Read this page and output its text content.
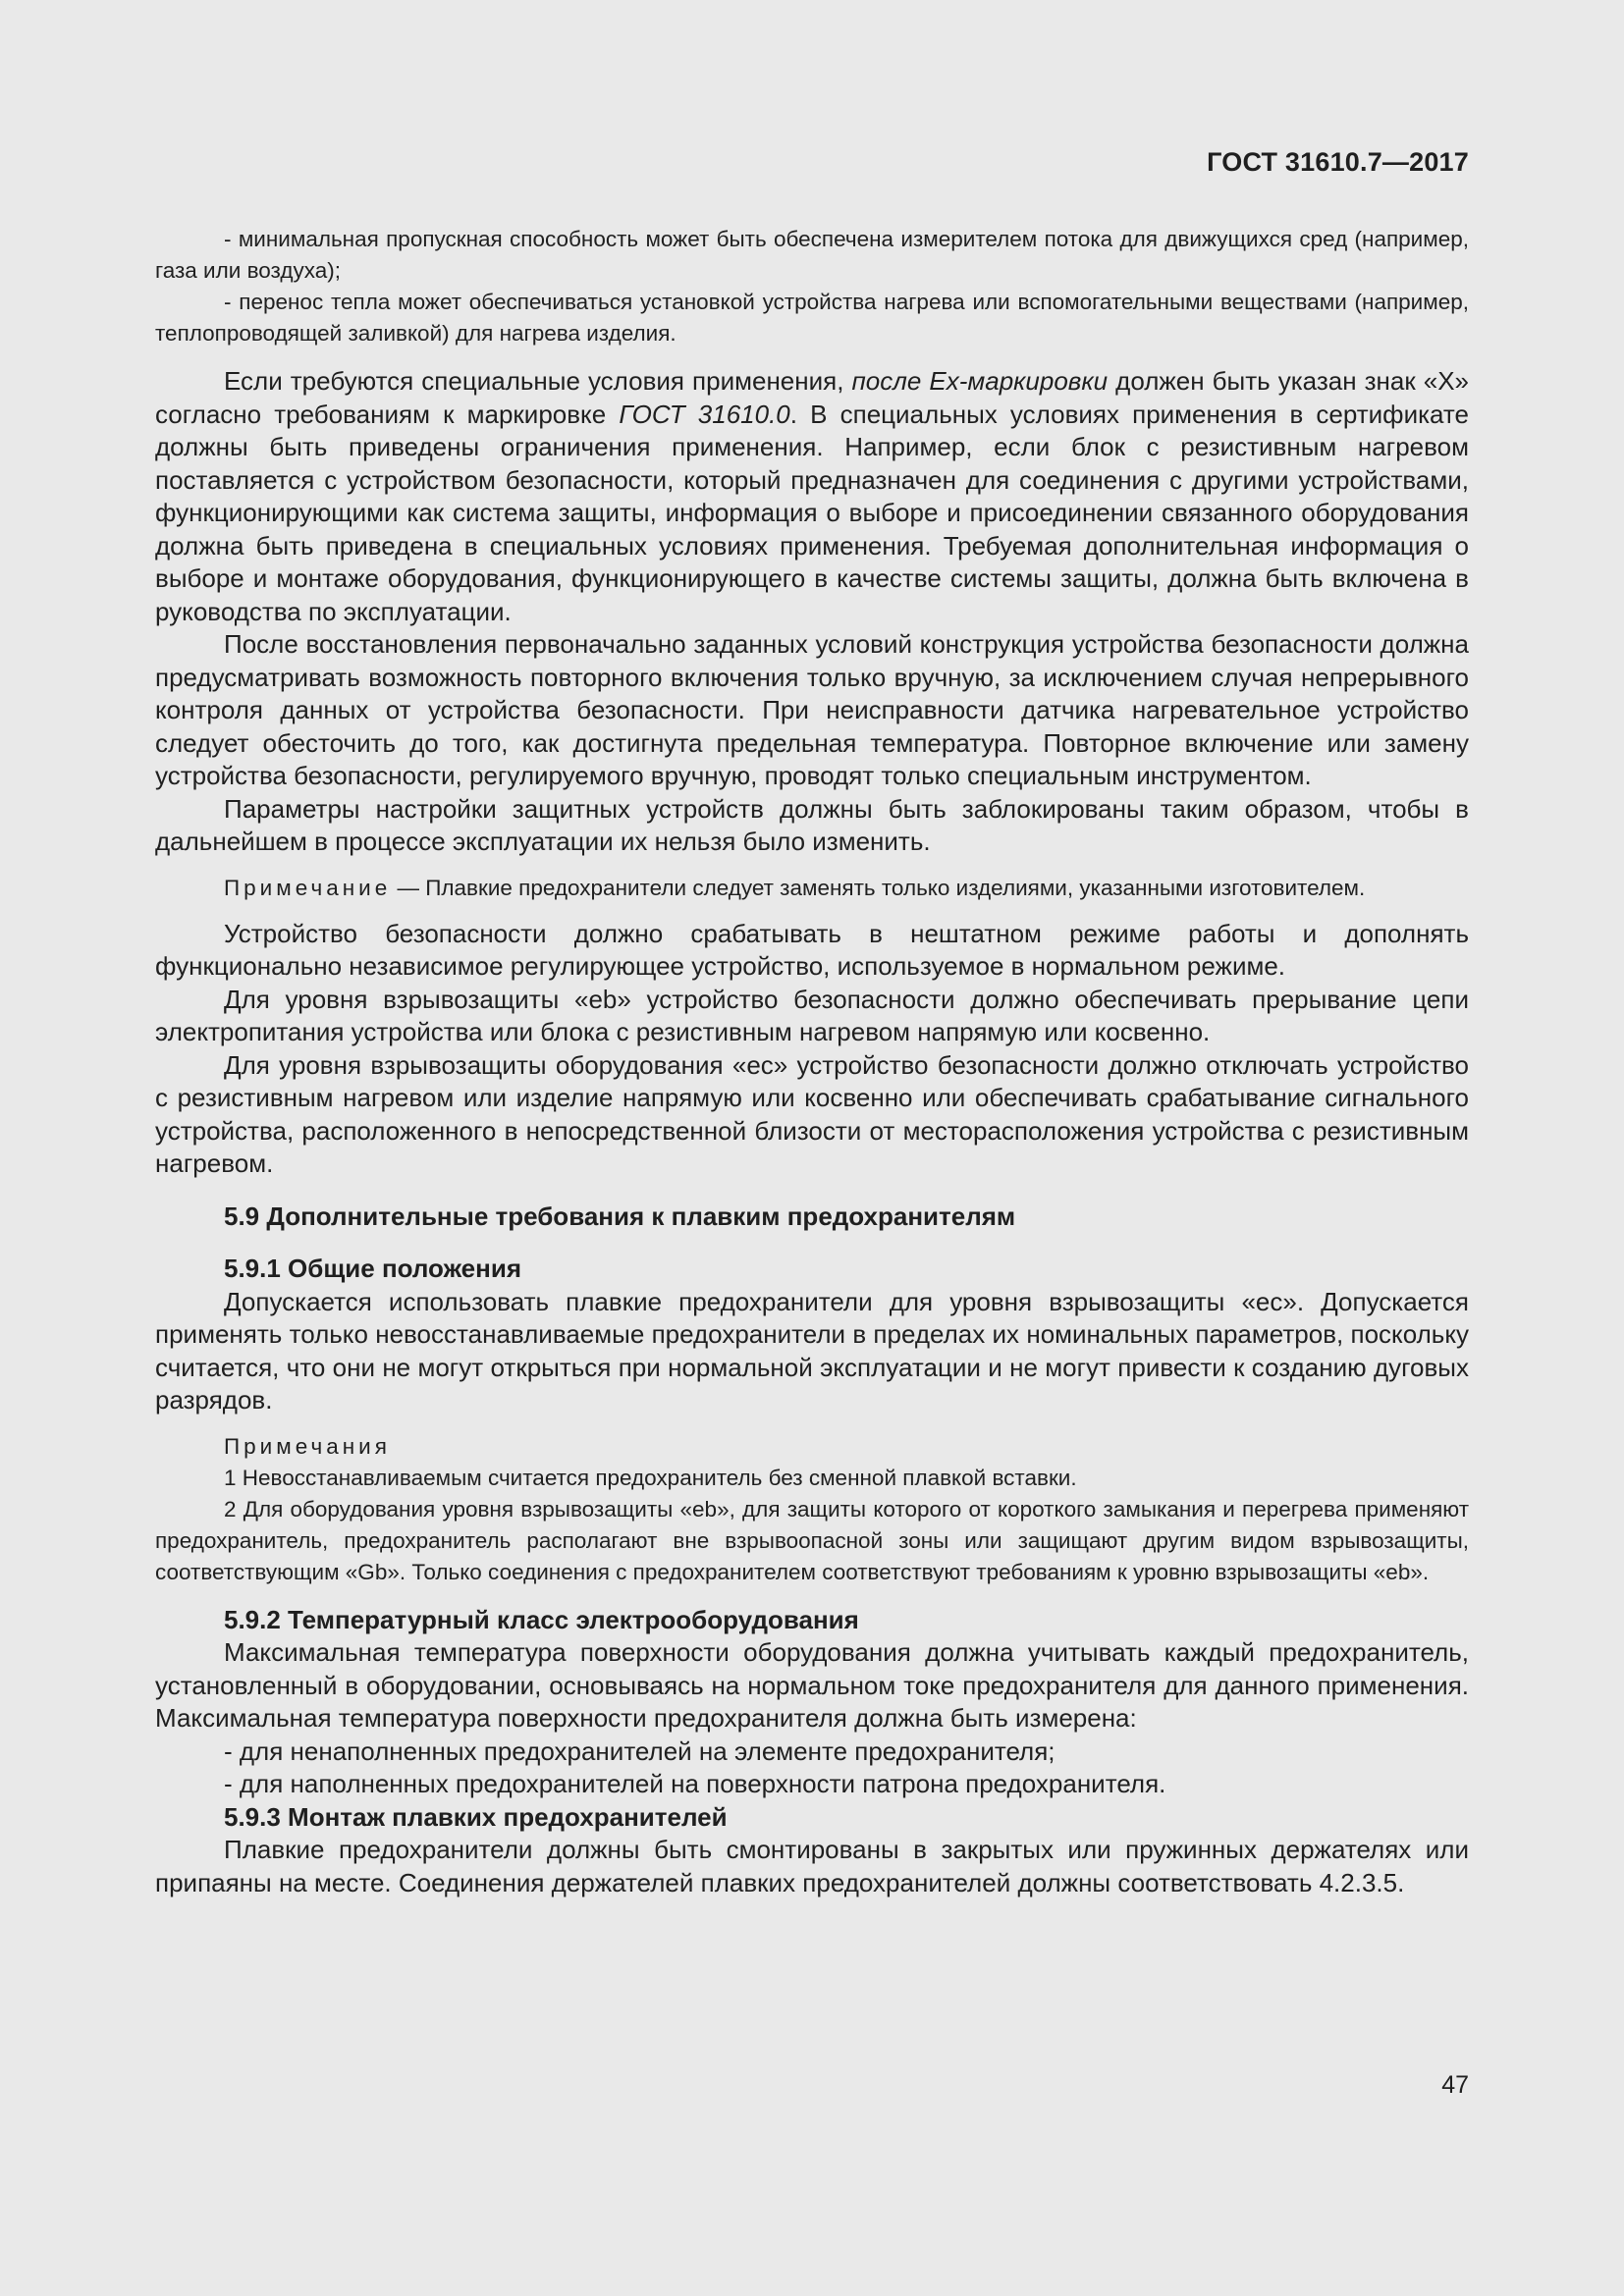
ГОСТ 31610.7—2017

- минимальная пропускная способность может быть обеспечена измерителем потока для движущихся сред (например, газа или воздуха);

- перенос тепла может обеспечиваться установкой устройства нагрева или вспомогательными веществами (например, теплопроводящей заливкой) для нагрева изделия.

Если требуются специальные условия применения, после Ех-маркировки должен быть указан знак «Х» согласно требованиям к маркировке ГОСТ 31610.0. В специальных условиях применения в сертификате должны быть приведены ограничения применения. Например, если блок с резистивным нагревом поставляется с устройством безопасности, который предназначен для соединения с другими устройствами, функционирующими как система защиты, информация о выборе и присоединении связанного оборудования должна быть приведена в специальных условиях применения. Требуемая дополнительная информация о выборе и монтаже оборудования, функционирующего в качестве системы защиты, должна быть включена в руководства по эксплуатации.

После восстановления первоначально заданных условий конструкция устройства безопасности должна предусматривать возможность повторного включения только вручную, за исключением случая непрерывного контроля данных от устройства безопасности. При неисправности датчика нагревательное устройство следует обесточить до того, как достигнута предельная температура. Повторное включение или замену устройства безопасности, регулируемого вручную, проводят только специальным инструментом.

Параметры настройки защитных устройств должны быть заблокированы таким образом, чтобы в дальнейшем в процессе эксплуатации их нельзя было изменить.

Примечание — Плавкие предохранители следует заменять только изделиями, указанными изготовителем.

Устройство безопасности должно срабатывать в нештатном режиме работы и дополнять функционально независимое регулирующее устройство, используемое в нормальном режиме.

Для уровня взрывозащиты «eb» устройство безопасности должно обеспечивать прерывание цепи электропитания устройства или блока с резистивным нагревом напрямую или косвенно.

Для уровня взрывозащиты оборудования «ес» устройство безопасности должно отключать устройство с резистивным нагревом или изделие напрямую или косвенно или обеспечивать срабатывание сигнального устройства, расположенного в непосредственной близости от месторасположения устройства с резистивным нагревом.

5.9 Дополнительные требования к плавким предохранителям
5.9.1 Общие положения

Допускается использовать плавкие предохранители для уровня взрывозащиты «ес». Допускается применять только невосстанавливаемые предохранители в пределах их номинальных параметров, поскольку считается, что они не могут открыться при нормальной эксплуатации и не могут привести к созданию дуговых разрядов.

Примечания

1 Невосстанавливаемым считается предохранитель без сменной плавкой вставки.

2 Для оборудования уровня взрывозащиты «eb», для защиты которого от короткого замыкания и перегрева применяют предохранитель, предохранитель располагают вне взрывоопасной зоны или защищают другим видом взрывозащиты, соответствующим «Gb». Только соединения с предохранителем соответствуют требованиям к уровню взрывозащиты «eb».

5.9.2 Температурный класс электрооборудования

Максимальная температура поверхности оборудования должна учитывать каждый предохранитель, установленный в оборудовании, основываясь на нормальном токе предохранителя для данного применения. Максимальная температура поверхности предохранителя должна быть измерена:

- для ненаполненных предохранителей на элементе предохранителя;

- для наполненных предохранителей на поверхности патрона предохранителя.

5.9.3 Монтаж плавких предохранителей

Плавкие предохранители должны быть смонтированы в закрытых или пружинных держателях или припаяны на месте. Соединения держателей плавких предохранителей должны соответствовать 4.2.3.5.

47
